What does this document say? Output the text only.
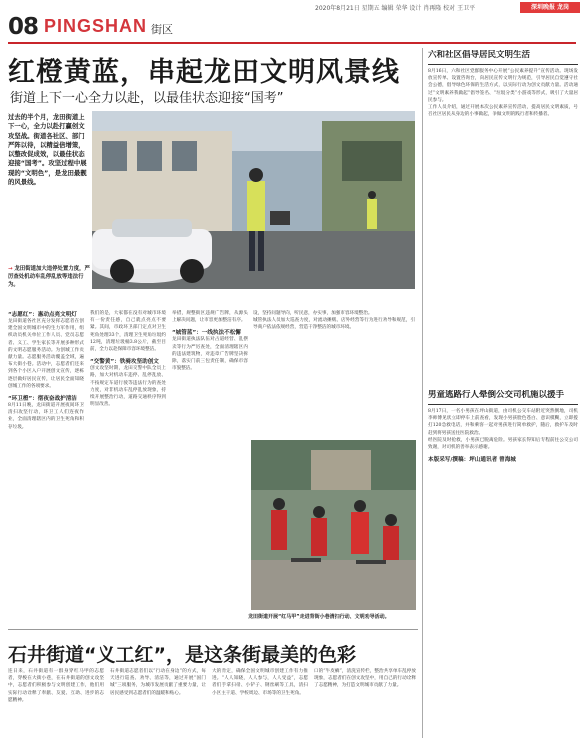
08 PINGSHAN 街区
2020年8月21日 星期五 编辑 荣华 设计 肖再隆 校对 王卫平	深圳晚报 龙岗
红橙黄蓝，串起龙田文明风景线
街道上下一心全力以赴，以最佳状态迎接“国考”
过去的半个月，龙田街道上下一心，全力以赴打赢创文攻坚战。街道各社区、部门严阵以待，以精益倍增策，以整改促成效，以最佳状态迎接“国考”。攻坚过程中展现的“文明色”，是龙田最靓的风景线。
→ 龙田街道加大违停处置力度，严厉查处机动车乱停乱放等违法行为。
“志愿红”：惠动点亮文明灯
龙田街道各社区充分发挥志愿者在创建全国文明城市中的生力军作用，组织动员机关单位工作人员、党员志愿者、义工、学生家长等开展多种形式的文明志愿服务活动。为创城工作贡献力量。志愿服务活动覆盖全域，遍布大街小巷。活动中，志愿者们还来到各个小区入户开展创文宣传，逐栋逐层做好居民宣传，让居民全面知晓创城工作的各项要求。
“环卫橙”：彻夜奋战护清洁
8月11日晚，龙田街道开展夜间环卫清扫攻坚行动，环卫工人们连夜作业，全面清理辖区内的卫生死角和积存垃圾。
我们的是，大家都在没有对城市环境有一份责任感，自己就点亮点不要紧。其间，市政环卫部门定点对卫生死角处理33个，清理卫生死角垃圾约12吨，清理垃圾桶3.8公斤，截至目前，全力以赴保障市容环境整洁。
“交警黄”：铁骑攻坚助创文
创文攻坚时期，龙田交警中队全员上路，加大对机动车违停、乱停乱放、不按规定车道行驶等违法行为的查处力度，对非机动车乱停乱放现象，持续开展整治行动，道路交通秩序得到明显改善。
举措，规整街区违规广告牌，从源头上解决问题，让市容更加整洁有序。
“城管蓝”：一线执法不松懈
龙田街道执法队伍对占道经营、乱摆卖等行为严厉查处，全面清理辖区内的违法建筑物，对违章广告牌坚决拆除，落实门前三包责任制，确保市容市貌整洁。
设，坚持问题导向，听民意，办实事，加强市容环境整治。
城管执法人员加大巡查力度，对流动摊贩、店外经营等行为进行劝导和规范，引导商户依法依规经营，营造干净整洁的城市环境。
龙田街道开展“红马甲”走进背街小巷清扫行动、文明劝导活动。
石井街道“义工红”，是这条街最美的色彩
连日来，石井街道有一群身穿红马甲的志愿者，穿梭在大街小巷，在石井街道的创文攻坚中，志愿者们积极参与文明创建工作，他们用实际行动诠释了奉献、友爱、互助、进步的志愿精神。
石井街道志愿者们以“行动在身边”的方式，每天进行巡查、劝导、清洁等，通过开展“国门城”三项服务，为城市发展贡献了重要力量，让居民感受到志愿者们的温暖和贴心。
大的肯定，确保全国文明城市创建工作有力推进。“人人知晓，人人参与，人人受益”，志愿者们手拿扫帚、小铲子、钢丝刷等工具，清扫小区主干道、学校周边、市场等的卫生死角。
口的“牛皮癣”，清洗宣传栏，整治共享单车乱停放现象，志愿者们在创文攻坚中，用自己的行动诠释了志愿精神，为打造文明城市贡献了力量。
六和社区倡导居民文明生活
8月16日，六和社区党群服务中心开展“公民素养提升”宣传活动。现场发放宣传单、设置咨询台，向居民宣传文明行为规范，引导居民自觉遵守社会公德，倡导绿色环保的生活方式，以实际行动为创文贡献力量。活动通过“文明素养我做起”倡导签名、“垃圾分类”小游戏等形式，吸引了大量居民参与。
工作人员介绍，通过开展本次公民素养宣传活动，提高居民文明素质，号召社区居民从身边的小事做起，争做文明的践行者和传播者。
男童逃路行人晕倒公交司机施以援手
8月17日，一名小男孩在坪山街道，由司机公交车站附近突然倒地，司机李师傅见状立即停车上前查看，发现小男孩脸色苍白、意识模糊，立即拨打120急救电话，并和乘客一起对男孩进行简单救护，随后，救护车及时赶到将男孩送往医院救治。
经医院及时抢救，小男孩已脱离危险。男孩家长得知后专程前往公交公司致谢，对司机的善举表示感谢。
本版采写/撰稿：坪山通讯者 曾海城
